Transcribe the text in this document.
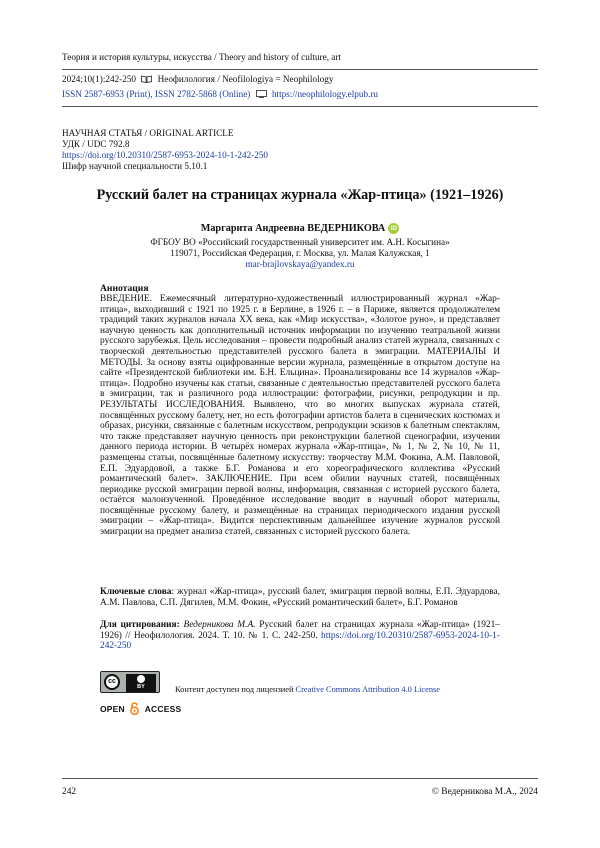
Теория и история культуры, искусства / Theory and history of culture, art
2024;10(1):242-250 Неофилология / Neofilologiya = Neophilology
ISSN 2587-6953 (Print), ISSN 2782-5868 (Online) https://neophilology.elpub.ru
НАУЧНАЯ СТАТЬЯ / ORIGINAL ARTICLE
УДК / UDC 792.8
https://doi.org/10.20310/2587-6953-2024-10-1-242-250
Шифр научной специальности 5.10.1
Русский балет на страницах журнала «Жар-птица» (1921–1926)
Маргарита Андреевна ВЕДЕРНИКОВА iD
ФГБОУ ВО «Российский государственный университет им. А.Н. Косыгина»
119071, Российская Федерация, г. Москва, ул. Малая Калужская, 1
mar-brajlovskaya@yandex.ru
Аннотация
ВВЕДЕНИЕ. Ежемесячный литературно-художественный иллюстрированный журнал «Жар-птица», выходивший с 1921 по 1925 г. в Берлине, в 1926 г. – в Париже, является продолжателем традиций таких журналов начала XX века, как «Мир искусства», «Золотое руно», и представляет научную ценность как дополнительный источник информации по изучению театральной жизни русского зарубежья. Цель исследования – провести подробный анализ статей журнала, связанных с творческой деятельностью представителей русского балета в эмиграции. МАТЕРИАЛЫ И МЕТОДЫ. За основу взяты оцифрованные версии журнала, размещённые в открытом доступе на сайте «Президентской библиотеки им. Б.Н. Ельцина». Проанализированы все 14 журналов «Жар-птица». Подробно изучены как статьи, связанные с деятельностью представителей русского балета в эмиграции, так и различного рода иллюстрации: фотографии, рисунки, репродукции и пр. РЕЗУЛЬТАТЫ ИССЛЕДОВАНИЯ. Выявлено, что во многих выпусках журнала статей, посвящённых русскому балету, нет, но есть фотографии артистов балета в сценических костюмах и образах, рисунки, связанные с балетным искусством, репродукции эскизов к балетным спектаклям, что также представляет научную ценность при реконструкции балетной сценографии, изучении данного периода истории. В четырёх номерах журнала «Жар-птица», № 1, № 2, № 10, № 11, размещены статьи, посвящённые балетному искусству: творчеству М.М. Фокина, А.М. Павловой, Е.П. Эдуардовой, а также Б.Г. Романова и его хореографического коллектива «Русский романтический балет». ЗАКЛЮЧЕНИЕ. При всем обилии научных статей, посвящённых периодике русской эмиграции первой волны, информация, связанная с историей русского балета, остаётся малоизученной. Проведённое исследование вводит в научный оборот материалы, посвящённые русскому балету, и размещённые на страницах периодического издания русской эмиграции – «Жар-птица». Видится перспективным дальнейшее изучение журналов русской эмиграции на предмет анализа статей, связанных с историей русского балета.
Ключевые слова: журнал «Жар-птица», русский балет, эмиграция первой волны, Е.П. Эдуардова, А.М. Павлова, С.П. Дягилев, М.М. Фокин, «Русский романтический балет», Б.Г. Романов
Для цитирования: Ведерникова М.А. Русский балет на страницах журнала «Жар-птица» (1921–1926) // Неофилология. 2024. Т. 10. № 1. С. 242-250. https://doi.org/10.20310/2587-6953-2024-10-1-242-250
cc
BY	Контент доступен под лицензией Creative Commons Attribution 4.0 License
OPEN ACCESS
242	© Ведерникова М.А., 2024
